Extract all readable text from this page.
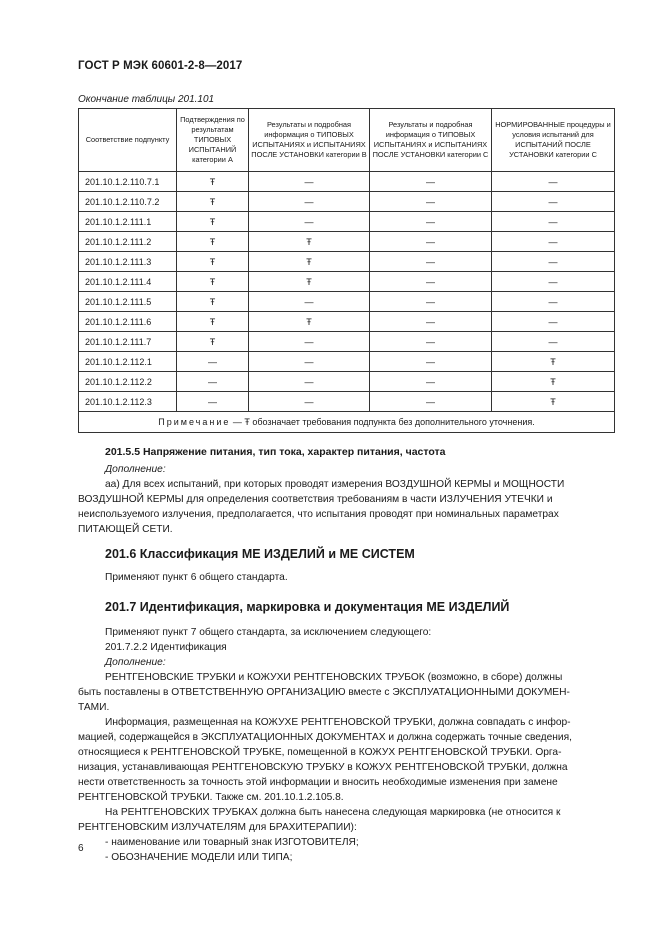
ГОСТ Р МЭК 60601-2-8—2017
Окончание таблицы 201.101
Соответствие подпункту	Подтверждения по результатам ТИПОВЫХ ИСПЫТАНИЙ категории A	Результаты и подробная информация о ТИПОВЫХ ИСПЫТАНИЯХ и ИСПЫТАНИЯХ ПОСЛЕ УСТАНОВКИ категории B	Результаты и подробная информация о ТИПОВЫХ ИСПЫТАНИЯХ и ИСПЫТАНИЯХ ПОСЛЕ УСТАНОВКИ категории C	НОРМИРОВАННЫЕ процедуры и условия испытаний для ИСПЫТАНИЙ ПОСЛЕ УСТАНОВКИ категории C
201.10.1.2.110.7.1	Ŧ	—	—	—
201.10.1.2.110.7.2	Ŧ	—	—	—
201.10.1.2.111.1	Ŧ	—	—	—
201.10.1.2.111.2	Ŧ	Ŧ	—	—
201.10.1.2.111.3	Ŧ	Ŧ	—	—
201.10.1.2.111.4	Ŧ	Ŧ	—	—
201.10.1.2.111.5	Ŧ	—	—	—
201.10.1.2.111.6	Ŧ	Ŧ	—	—
201.10.1.2.111.7	Ŧ	—	—	—
201.10.1.2.112.1	—	—	—	Ŧ
201.10.1.2.112.2	—	—	—	Ŧ
201.10.1.2.112.3	—	—	—	Ŧ
Примечание — Ŧ обозначает требования подпункта без дополнительного уточнения.				
201.5.5 Напряжение питания, тип тока, характер питания, частота

Дополнение:

аа) Для всех испытаний, при которых проводят измерения ВОЗДУШНОЙ КЕРМЫ и МОЩНОСТИ

ВОЗДУШНОЙ КЕРМЫ для определения соответствия требованиям в части ИЗЛУЧЕНИЯ УТЕЧКИ и

неиспользуемого излучения, предполагается, что испытания проводят при номинальных параметрах

ПИТАЮЩЕЙ СЕТИ.

201.6 Классификация МЕ ИЗДЕЛИЙ и МЕ СИСТЕМ

Применяют пункт 6 общего стандарта.

201.7 Идентификация, маркировка и документация МЕ ИЗДЕЛИЙ

Применяют пункт 7 общего стандарта, за исключением следующего:

201.7.2.2 Идентификация

Дополнение:

РЕНТГЕНОВСКИЕ ТРУБКИ и КОЖУХИ РЕНТГЕНОВСКИХ ТРУБОК (возможно, в сборе) должны

быть поставлены в ОТВЕТСТВЕННУЮ ОРГАНИЗАЦИЮ вместе с ЭКСПЛУАТАЦИОННЫМИ ДОКУМЕН-

ТАМИ.

Информация, размещенная на КОЖУХЕ РЕНТГЕНОВСКОЙ ТРУБКИ, должна совпадать с инфор-

мацией, содержащейся в ЭКСПЛУАТАЦИОННЫХ ДОКУМЕНТАХ и должна содержать точные сведения,

относящиеся к РЕНТГЕНОВСКОЙ ТРУБКЕ, помещенной в КОЖУХ РЕНТГЕНОВСКОЙ ТРУБКИ. Орга-

низация, устанавливающая РЕНТГЕНОВСКУЮ ТРУБКУ в КОЖУХ РЕНТГЕНОВСКОЙ ТРУБКИ, должна

нести ответственность за точность этой информации и вносить необходимые изменения при замене

РЕНТГЕНОВСКОЙ ТРУБКИ. Также см. 201.10.1.2.105.8.

На РЕНТГЕНОВСКИХ ТРУБКАХ должна быть нанесена следующая маркировка (не относится к

РЕНТГЕНОВСКИМ ИЗЛУЧАТЕЛЯМ для БРАХИТЕРАПИИ):

- наименование или товарный знак ИЗГОТОВИТЕЛЯ;

- ОБОЗНАЧЕНИЕ МОДЕЛИ ИЛИ ТИПА;

6
